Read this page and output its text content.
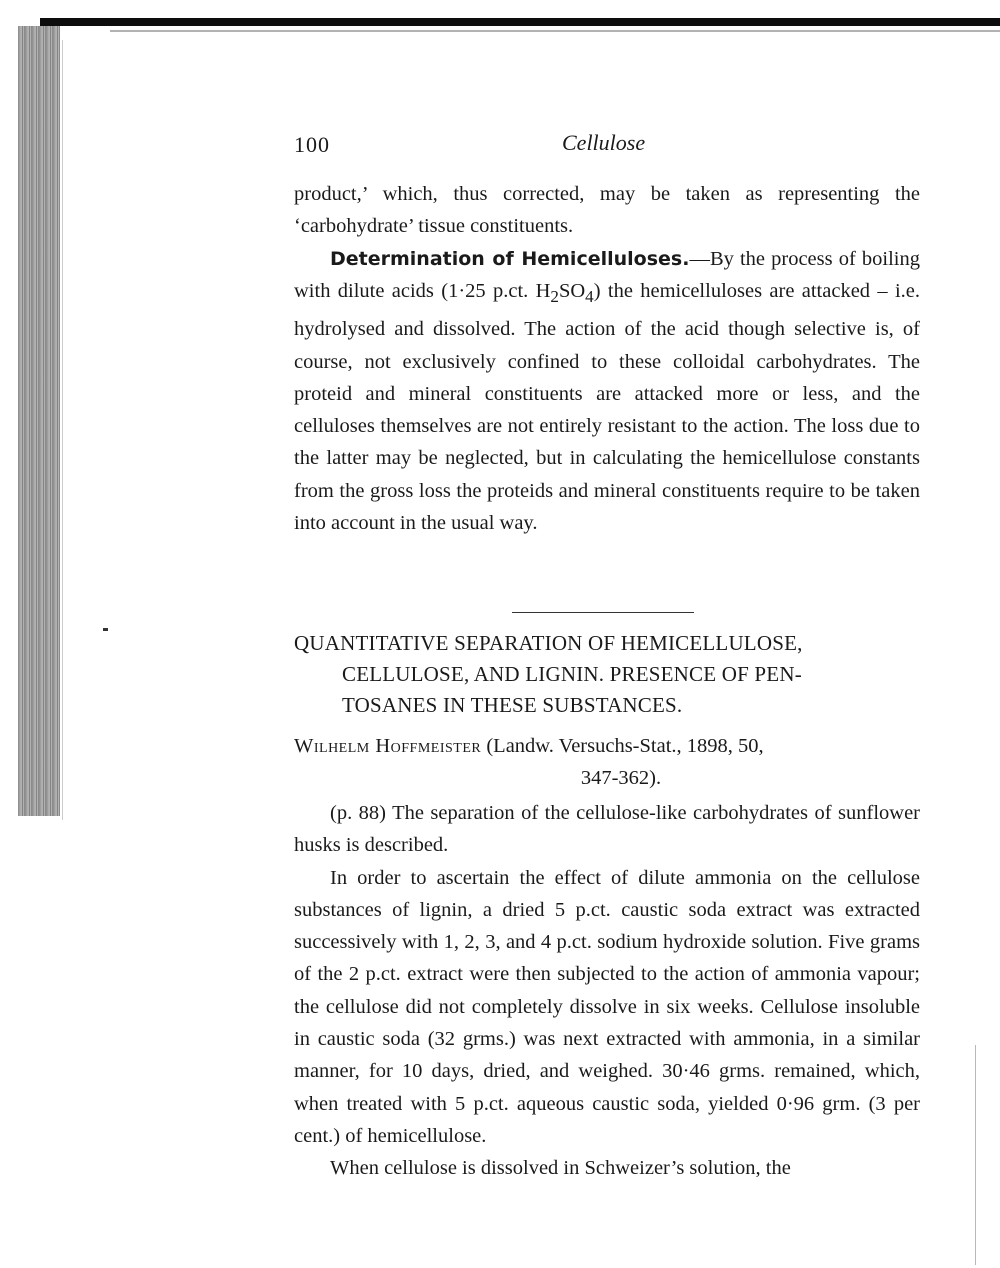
100	Cellulose

product,’ which, thus corrected, may be taken as representing the ‘carbohydrate’ tissue constituents.

Determination of Hemicelluloses.—By the process of boiling with dilute acids (1·25 p.ct. $H_2SO_4$) the hemicelluloses are attacked – i.e. hydrolysed and dissolved. The action of the acid though selective is, of course, not exclusively confined to these colloidal carbohydrates. The proteid and mineral constituents are attacked more or less, and the celluloses themselves are not entirely resistant to the action. The loss due to the latter may be neglected, but in calculating the hemicellulose constants from the gross loss the proteids and mineral constituents require to be taken into account in the usual way.

QUANTITATIVE SEPARATION OF HEMICELLULOSE,
CELLULOSE, AND LIGNIN. PRESENCE OF PEN-
TOSANES IN THESE SUBSTANCES.
Wilhelm Hoffmeister (Landw. Versuchs-Stat., 1898, 50,
347-362).

(p. 88) The separation of the cellulose-like carbohydrates of sunflower husks is described.

In order to ascertain the effect of dilute ammonia on the cellulose substances of lignin, a dried 5 p.ct. caustic soda extract was extracted successively with 1, 2, 3, and 4 p.ct. sodium hydroxide solution. Five grams of the 2 p.ct. extract were then subjected to the action of ammonia vapour; the cellulose did not completely dissolve in six weeks. Cellulose insoluble in caustic soda (32 grms.) was next extracted with ammonia, in a similar manner, for 10 days, dried, and weighed. 30·46 grms. remained, which, when treated with 5 p.ct. aqueous caustic soda, yielded 0·96 grm. (3 per cent.) of hemicellulose.

When cellulose is dissolved in Schweizer’s solution, the
